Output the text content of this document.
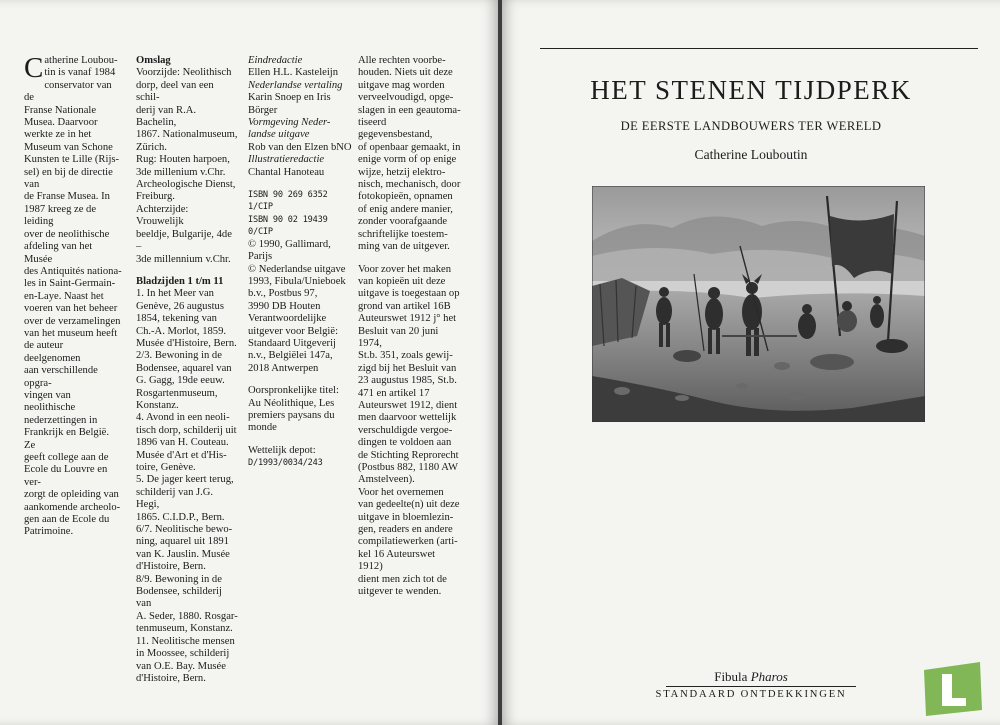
C atherine Loubou-
tin is vanaf 1984
conservator van de
Franse Nationale
Musea. Daarvoor
werkte ze in het
Museum van Schone
Kunsten te Lille (Rijs-
sel) en bij de directie van
de Franse Musea. In
1987 kreeg ze de leiding
over de neolithische
afdeling van het Musée
des Antiquités nationa-
les in Saint-Germain-
en-Laye. Naast het
voeren van het beheer
over de verzamelingen
van het museum heeft
de auteur deelgenomen
aan verschillende opgra-
vingen van neolithische
nederzettingen in
Frankrijk en België. Ze
geeft college aan de
Ecole du Louvre en ver-
zorgt de opleiding van
aankomende archeolo-
gen aan de Ecole du
Patrimoine.

Omslag

Voorzijde: Neolithisch
dorp, deel van een schil-
derij van R.A. Bachelin,
1867. Nationalmuseum,
Zürich.
Rug: Houten harpoen,
3de millenium v.Chr.
Archeologische Dienst,
Freiburg.
Achterzijde: Vrouwelijk
beeldje, Bulgarije, 4de –
3de millennium v.Chr.

Bladzijden 1 t/m 11

1. In het Meer van
Genève, 26 augustus
1854, tekening van
Ch.-A. Morlot, 1859.
Musée d'Histoire, Bern.
2/3. Bewoning in de
Bodensee, aquarel van
G. Gagg, 19de eeuw.
Rosgartenmuseum,
Konstanz.
4. Avond in een neoli-
tisch dorp, schilderij uit
1896 van H. Couteau.
Musée d'Art et d'His-
toire, Genève.
5. De jager keert terug,
schilderij van J.G. Hegi,
1865. C.I.D.P., Bern.
6/7. Neolitische bewo-
ning, aquarel uit 1891
van K. Jauslin. Musée
d'Histoire, Bern.
8/9. Bewoning in de
Bodensee, schilderij van
A. Seder, 1880. Rosgar-
tenmuseum, Konstanz.
11. Neolitische mensen
in Moossee, schilderij
van O.E. Bay. Musée
d'Histoire, Bern.
Eindredactie
Ellen H.L. Kasteleijn
Nederlandse vertaling
Karin Snoep en Iris
Börger
Vormgeving Neder-
landse uitgave
Rob van den Elzen bNO
Illustratieredactie
Chantal Hanoteau
ISBN 90 269 6352 1/CIP
ISBN 90 02 19439 0/CIP
© 1990, Gallimard,
Parijs
© Nederlandse uitgave
1993, Fibula/Unieboek
b.v., Postbus 97,
3990 DB Houten
Verantwoordelijke
uitgever voor België:
Standaard Uitgeverij
n.v., Belgiëlei 147a,
2018 Antwerpen
Oorspronkelijke titel:
Au Néolithique, Les
premiers paysans du
monde

Wettelijk depot:

D/1993/0034/243

Alle rechten voorbe-
houden. Niets uit deze
uitgave mag worden
verveelvoudigd, opge-
slagen in een geautoma-
tiseerd gegevensbestand,
of openbaar gemaakt, in
enige vorm of op enige
wijze, hetzij elektro-
nisch, mechanisch, door
fotokopieën, opnamen
of enig andere manier,
zonder voorafgaande
schriftelijke toestem-
ming van de uitgever.
Voor zover het maken
van kopieën uit deze
uitgave is toegestaan op
grond van artikel 16B
Auteurswet 1912 j° het
Besluit van 20 juni 1974,
St.b. 351, zoals gewij-
zigd bij het Besluit van
23 augustus 1985, St.b.
471 en artikel 17
Auteurswet 1912, dient
men daarvoor wettelijk
verschuldigde vergoe-
dingen te voldoen aan
de Stichting Reprorecht
(Postbus 882, 1180 AW
Amstelveen).
Voor het overnemen
van gedeelte(n) uit deze
uitgave in bloemlezin-
gen, readers en andere
compilatiewerken (arti-
kel 16 Auteurswet 1912)
dient men zich tot de
uitgever te wenden.
HET STENEN TIJDPERK

DE EERSTE LANDBOUWERS TER WERELD

Catherine Louboutin

Fibula Pharos
STANDAARD ONTDEKKINGEN
